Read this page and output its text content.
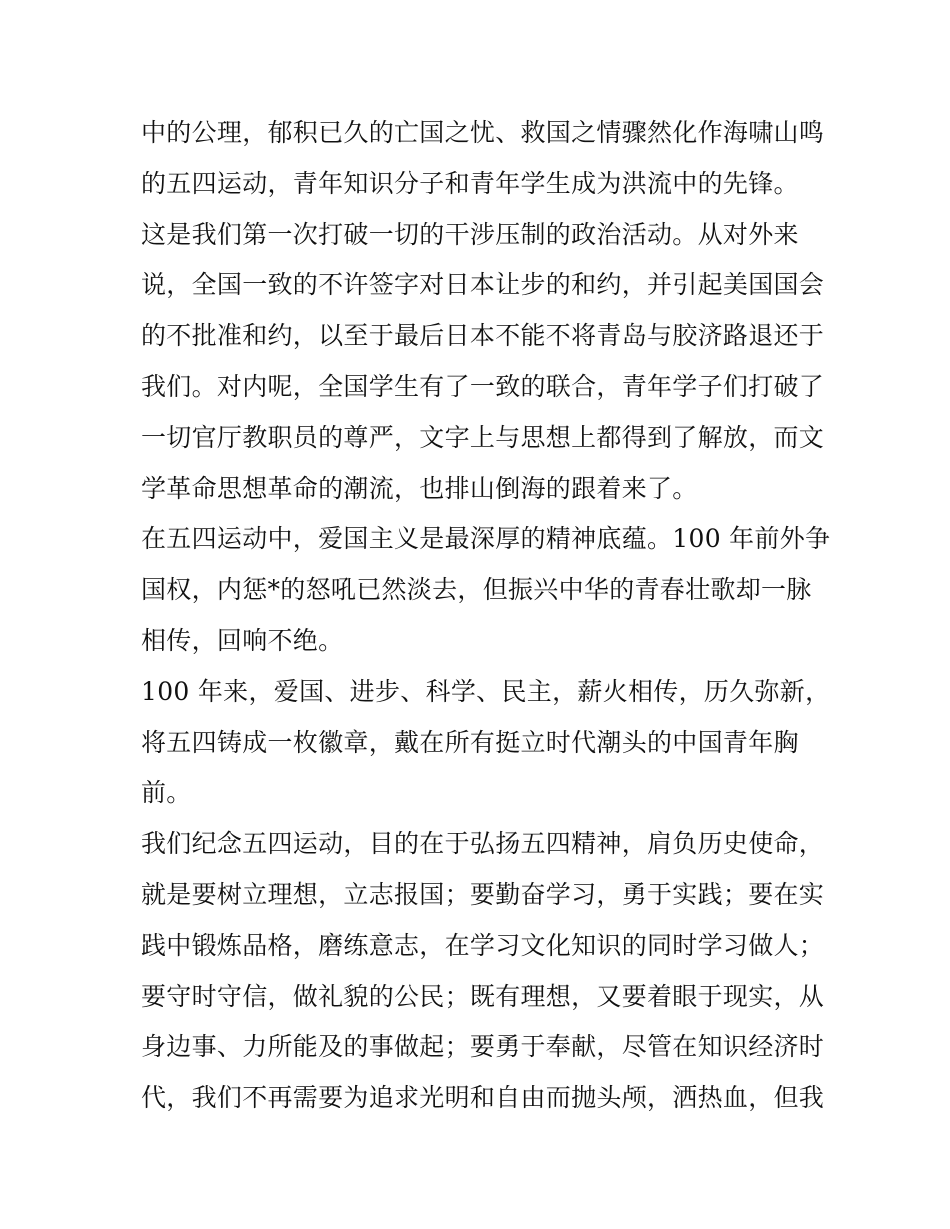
中的公理，郁积已久的亡国之忧、救国之情骤然化作海啸山鸣
的五四运动，青年知识分子和青年学生成为洪流中的先锋。
这是我们第一次打破一切的干涉压制的政治活动。从对外来
说，全国一致的不许签字对日本让步的和约，并引起美国国会
的不批准和约，以至于最后日本不能不将青岛与胶济路退还于
我们。对内呢，全国学生有了一致的联合，青年学子们打破了
一切官厅教职员的尊严，文字上与思想上都得到了解放，而文
学革命思想革命的潮流，也排山倒海的跟着来了。
在五四运动中，爱国主义是最深厚的精神底蕴。100 年前外争
国权，内惩*的怒吼已然淡去，但振兴中华的青春壮歌却一脉
相传，回响不绝。
100 年来，爱国、进步、科学、民主，薪火相传，历久弥新，
将五四铸成一枚徽章，戴在所有挺立时代潮头的中国青年胸
前。
我们纪念五四运动，目的在于弘扬五四精神，肩负历史使命，
就是要树立理想，立志报国；要勤奋学习，勇于实践；要在实
践中锻炼品格，磨练意志，在学习文化知识的同时学习做人；
要守时守信，做礼貌的公民；既有理想，又要着眼于现实，从
身边事、力所能及的事做起；要勇于奉献，尽管在知识经济时
代，我们不再需要为追求光明和自由而抛头颅，洒热血，但我
